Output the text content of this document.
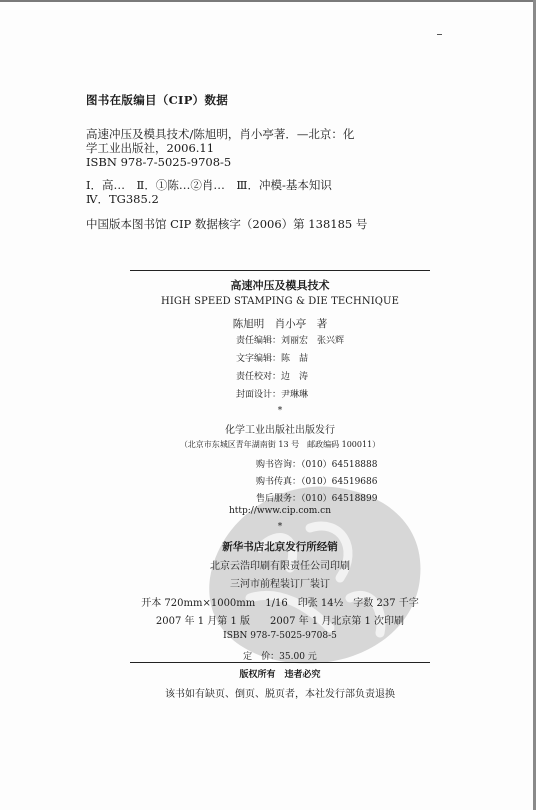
图书在版编目（CIP）数据
高速冲压及模具技术/陈旭明，肖小亭著．—北京：化
学工业出版社，2006.11
ISBN 978-7-5025-9708-5
Ⅰ．高…　Ⅱ．①陈…②肖…　Ⅲ．冲模-基本知识
Ⅳ．TG385.2
中国版本图书馆 CIP 数据核字（2006）第 138185 号
高速冲压及模具技术
HIGH SPEED STAMPING & DIE TECHNIQUE
陈旭明　肖小亭　著
责任编辑：刘丽宏　张兴辉
文字编辑：陈　喆
责任校对：边　涛
封面设计：尹琳琳
*
化学工业出版社出版发行
（北京市东城区青年湖南街 13 号　邮政编码 100011）
购书咨询：（010）64518888
购书传真：（010）64519686
售后服务：（010）64518899
http://www.cip.com.cn
*
新华书店北京发行所经销
北京云浩印刷有限责任公司印刷
三河市前程装订厂装订
开本 720mm×1000mm　1/16　印张 14½　字数 237 千字
2007 年 1 月第 1 版　　2007 年 1 月北京第 1 次印刷
ISBN 978-7-5025-9708-5
定　价：35.00 元
版权所有　违者必究
该书如有缺页、倒页、脱页者，本社发行部负责退换
